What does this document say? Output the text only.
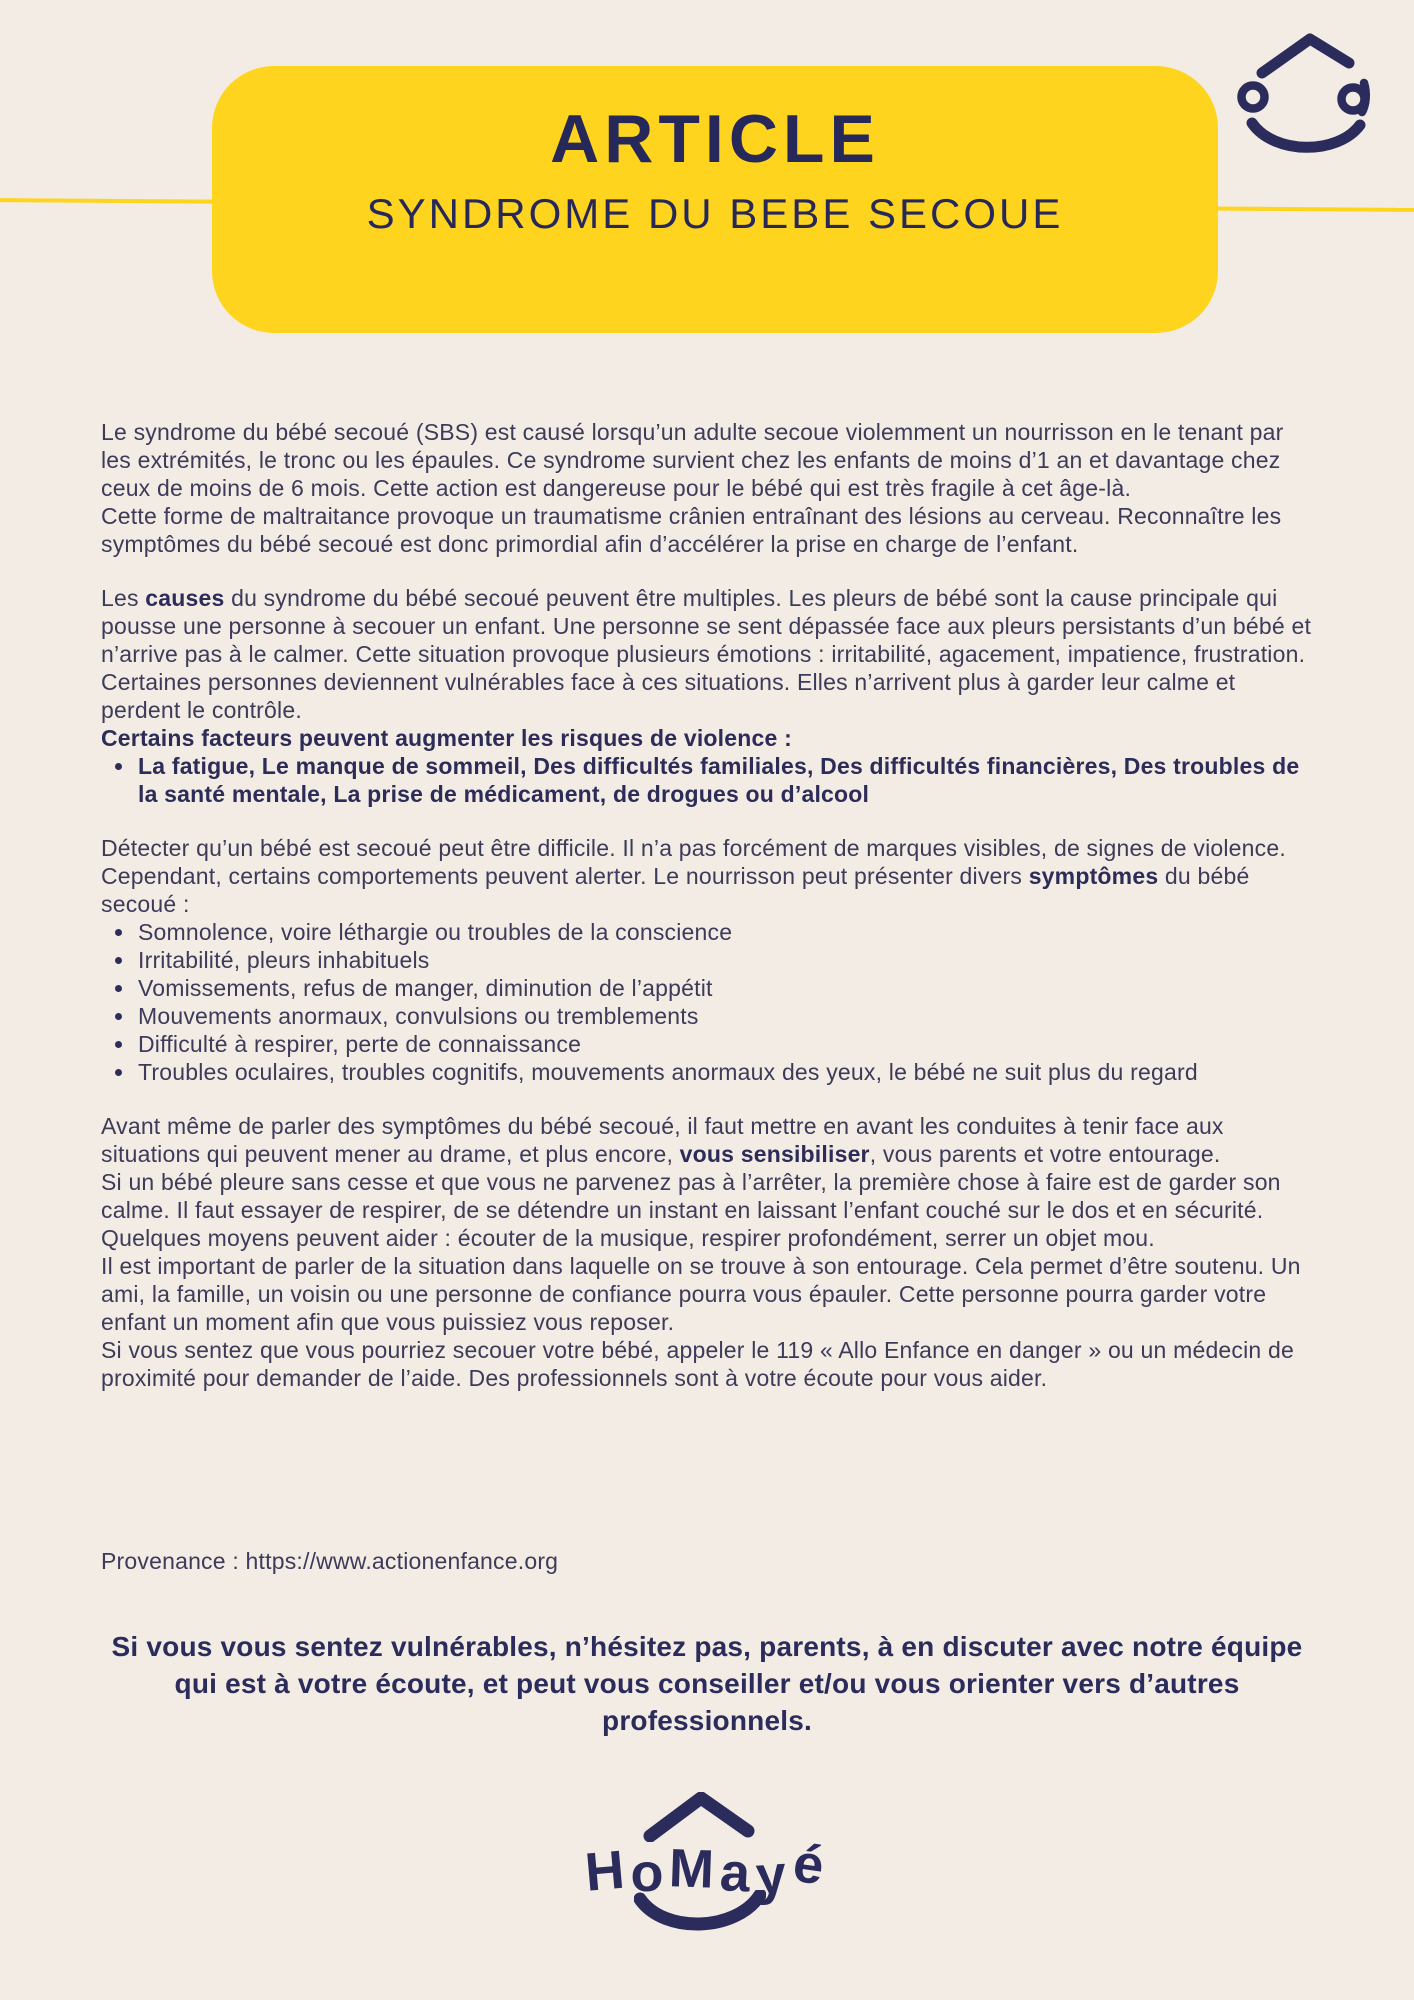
ARTICLE
SYNDROME DU BEBE SECOUE

Le syndrome du bébé secoué (SBS) est causé lorsqu’un adulte secoue violemment un nourrisson en le tenant par les extrémités, le tronc ou les épaules. Ce syndrome survient chez les enfants de moins d’1 an et davantage chez ceux de moins de 6 mois. Cette action est dangereuse pour le bébé qui est très fragile à cet âge-là.

Cette forme de maltraitance provoque un traumatisme crânien entraînant des lésions au cerveau. Reconnaître les symptômes du bébé secoué est donc primordial afin d’accélérer la prise en charge de l’enfant.

Les causes du syndrome du bébé secoué peuvent être multiples. Les pleurs de bébé sont la cause principale qui pousse une personne à secouer un enfant. Une personne se sent dépassée face aux pleurs persistants d’un bébé et n’arrive pas à le calmer. Cette situation provoque plusieurs émotions : irritabilité, agacement, impatience, frustration. Certaines personnes deviennent vulnérables face à ces situations. Elles n’arrivent plus à garder leur calme et perdent le contrôle.

Certains facteurs peuvent augmenter les risques de violence :

La fatigue, Le manque de sommeil, Des difficultés familiales, Des difficultés financières, Des troubles de la santé mentale, La prise de médicament, de drogues ou d’alcool

Détecter qu’un bébé est secoué peut être difficile. Il n’a pas forcément de marques visibles, de signes de violence. Cependant, certains comportements peuvent alerter. Le nourrisson peut présenter divers symptômes du bébé secoué :

Somnolence, voire léthargie ou troubles de la conscience
Irritabilité, pleurs inhabituels
Vomissements, refus de manger, diminution de l’appétit
Mouvements anormaux, convulsions ou tremblements
Difficulté à respirer, perte de connaissance
Troubles oculaires, troubles cognitifs, mouvements anormaux des yeux, le bébé ne suit plus du regard

Avant même de parler des symptômes du bébé secoué, il faut mettre en avant les conduites à tenir face aux situations qui peuvent mener au drame, et plus encore, vous sensibiliser, vous parents et votre entourage.

Si un bébé pleure sans cesse et que vous ne parvenez pas à l’arrêter, la première chose à faire est de garder son calme. Il faut essayer de respirer, de se détendre un instant en laissant l’enfant couché sur le dos et en sécurité. Quelques moyens peuvent aider : écouter de la musique, respirer profondément, serrer un objet mou.

Il est important de parler de la situation dans laquelle on se trouve à son entourage. Cela permet d’être soutenu. Un ami, la famille, un voisin ou une personne de confiance pourra vous épauler. Cette personne pourra garder votre enfant un moment afin que vous puissiez vous reposer.

Si vous sentez que vous pourriez secouer votre bébé, appeler le 119 « Allo Enfance en danger » ou un médecin de proximité pour demander de l’aide. Des professionnels sont à votre écoute pour vous aider.

Provenance : https://www.actionenfance.org

Si vous vous sentez vulnérables, n’hésitez pas, parents, à en discuter avec notre équipe qui est à votre écoute, et peut vous conseiller et/ou vous orienter vers d’autres professionnels.

HoMayé
